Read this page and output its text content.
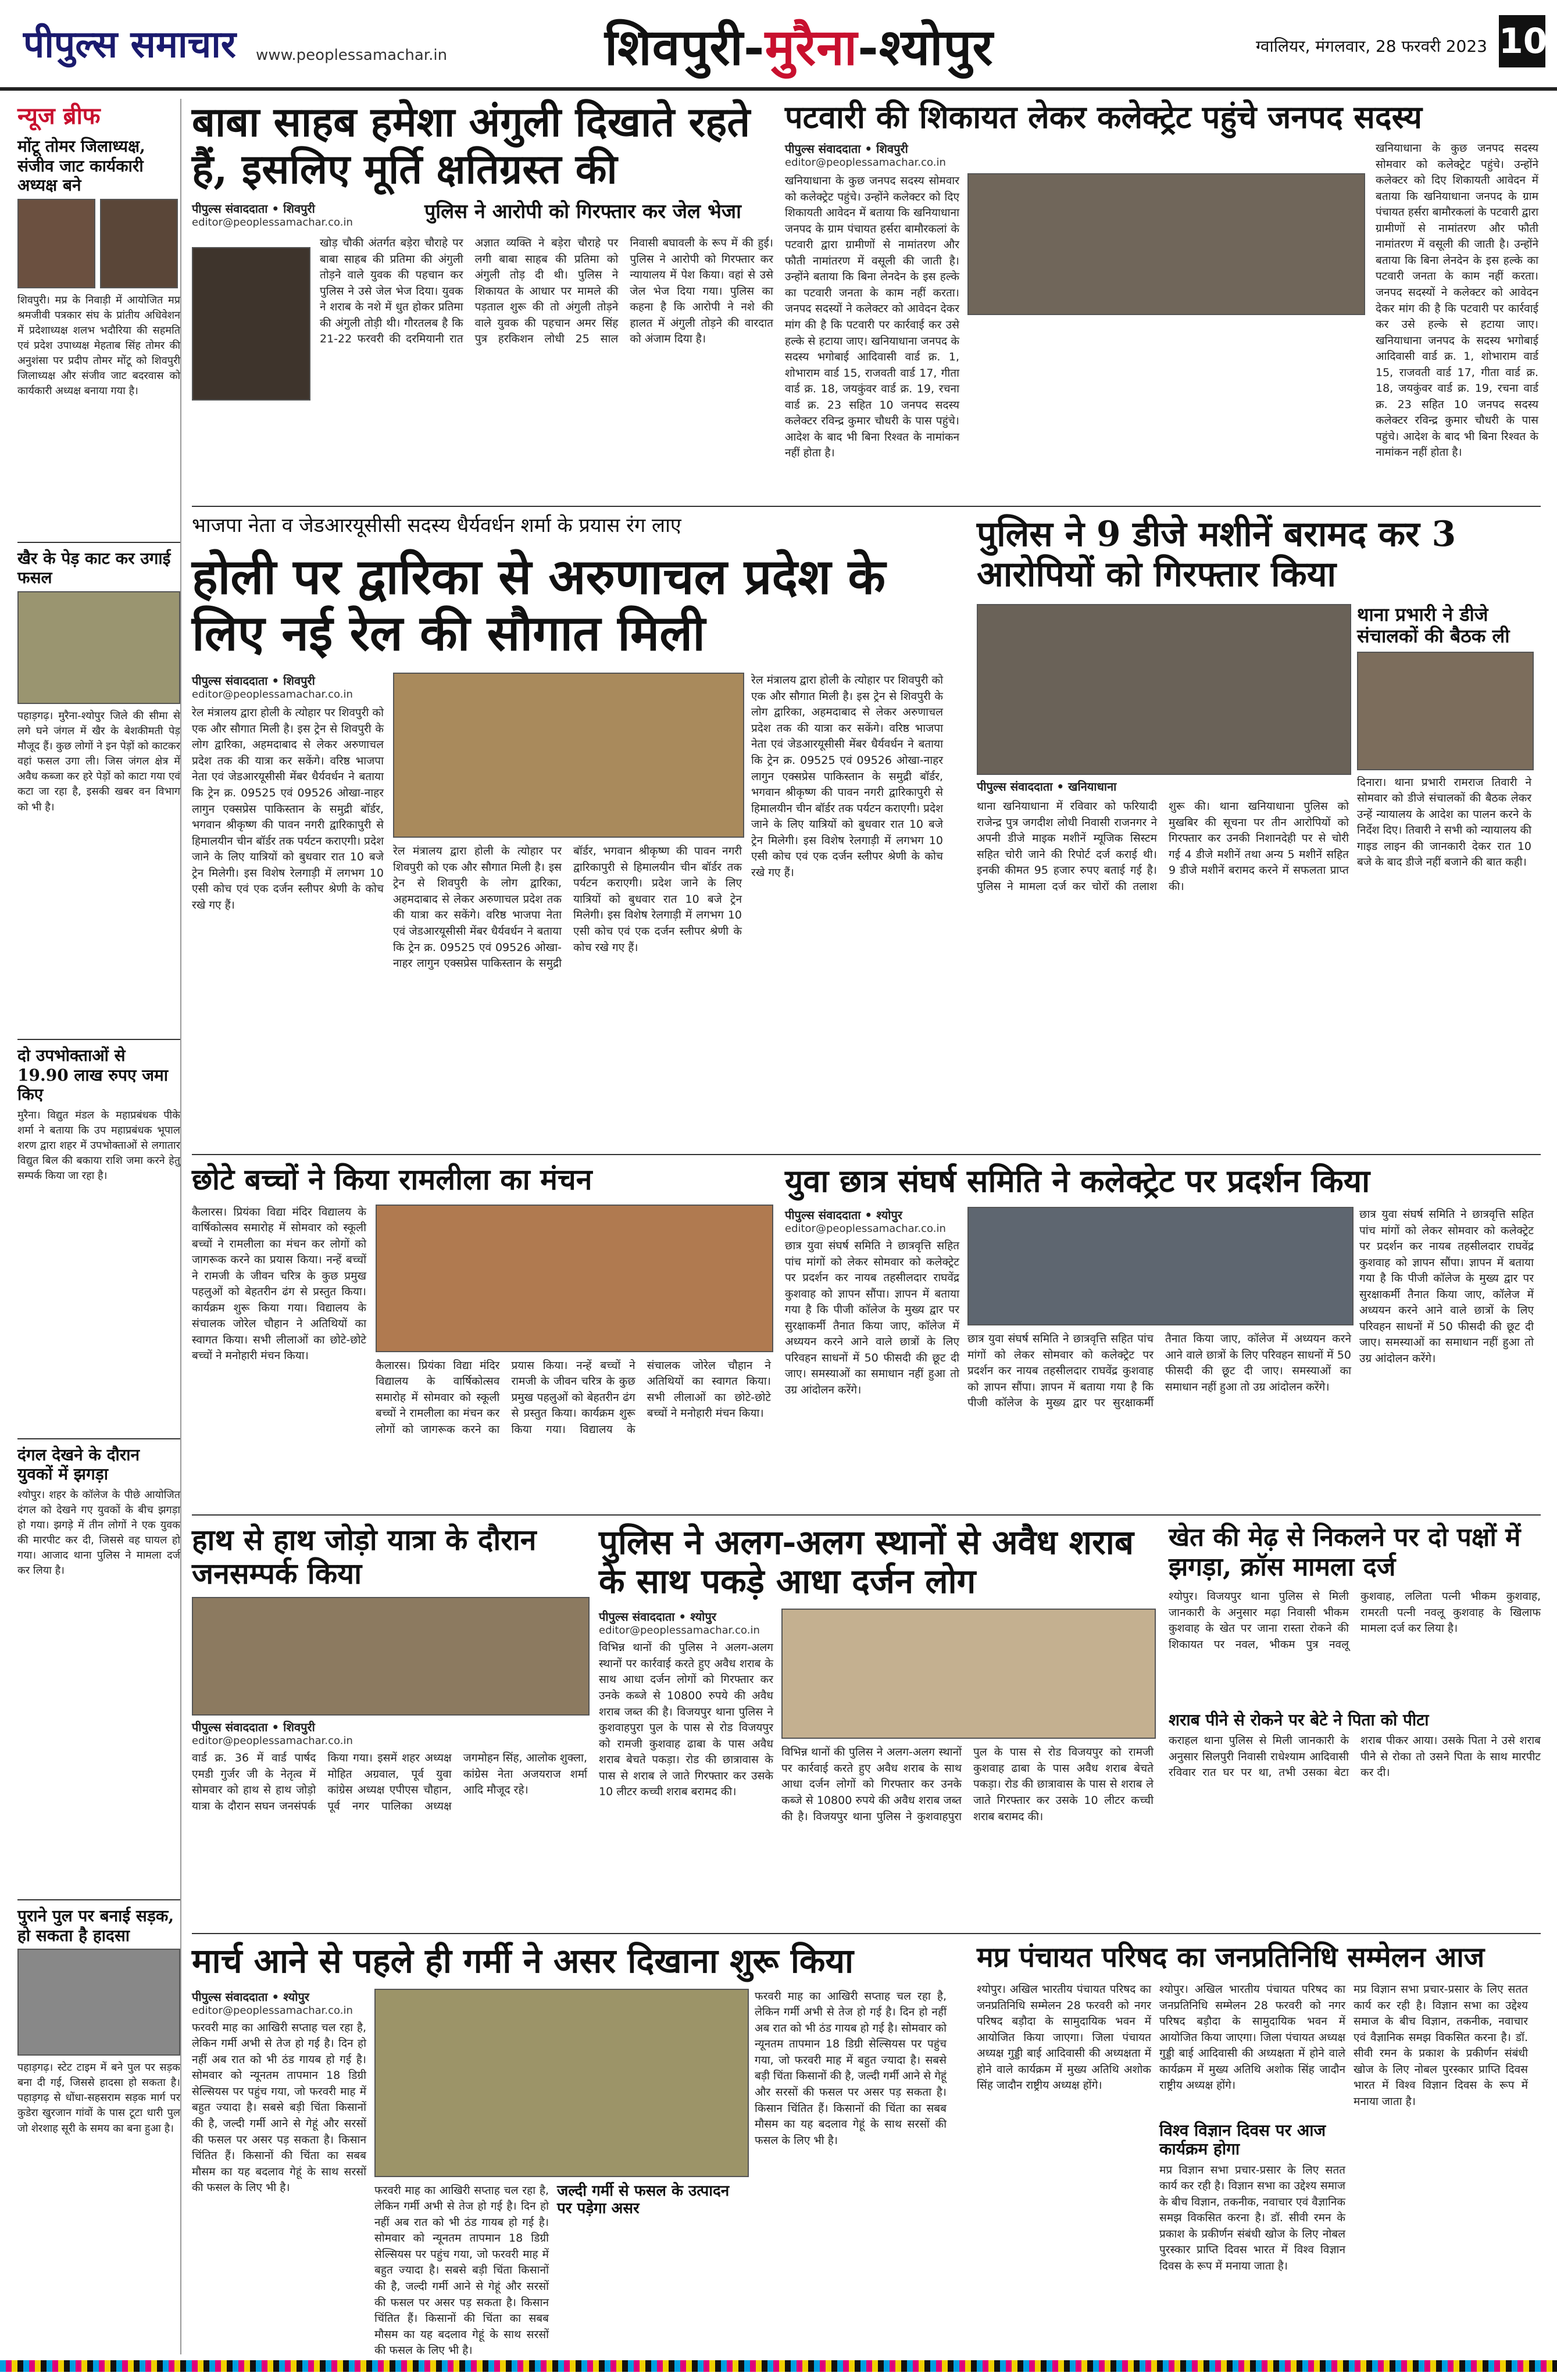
पीपुल्स समाचार www.peoplessamachar.in	शिवपुरी-मुरैना-श्योपुर	ग्वालियर, मंगलवार, 28 फरवरी 2023 10
न्यूज ब्रीफ
मोंटू तोमर जिलाध्यक्ष, संजीव जाट कार्यकारी अध्यक्ष बने
शिवपुरी। मप्र के निवाड़ी में आयोजित मप्र श्रमजीवी पत्रकार संघ के प्रांतीय अधिवेशन में प्रदेशाध्यक्ष शलभ भदौरिया की सहमति एवं प्रदेश उपाध्यक्ष मेहताब सिंह तोमर की अनुशंसा पर प्रदीप तोमर मोंटू को शिवपुरी जिलाध्यक्ष और संजीव जाट बदरवास को कार्यकारी अध्यक्ष बनाया गया है।
खैर के पेड़ काट कर उगाई फसल
पहाड़गढ़। मुरैना-श्योपुर जिले की सीमा से लगे घने जंगल में खैर के बेशकीमती पेड़ मौजूद हैं। कुछ लोगों ने इन पेड़ों को काटकर वहां फसल उगा ली। जिस जंगल क्षेत्र में अवैध कब्जा कर हरे पेड़ों को काटा गया एवं कटा जा रहा है, इसकी खबर वन विभाग को भी है।
दो उपभोक्ताओं से 19.90 लाख रुपए जमा किए
मुरैना। विद्युत मंडल के महाप्रबंधक पीके शर्मा ने बताया कि उप महाप्रबंधक भूपाल शरण द्वारा शहर में उपभोक्ताओं से लगातार विद्युत बिल की बकाया राशि जमा करने हेतु सम्पर्क किया जा रहा है।
दंगल देखने के दौरान युवकों में झगड़ा
श्योपुर। शहर के कॉलेज के पीछे आयोजित दंगल को देखने गए युवकों के बीच झगड़ा हो गया। झगड़े में तीन लोगों ने एक युवक की मारपीट कर दी, जिससे वह घायल हो गया। आजाद थाना पुलिस ने मामला दर्ज कर लिया है।
पुराने पुल पर बनाई सड़क, हो सकता है हादसा
पहाड़गढ़। स्टेट टाइम में बने पुल पर सड़क बना दी गई, जिससे हादसा हो सकता है। पहाड़गढ़ से धोंधा-सहसराम सड़क मार्ग पर कुडेरा खुरजान गांवों के पास टूटा धारी पुल जो शेरशाह सूरी के समय का बना हुआ है।
बाबा साहब हमेशा अंगुली दिखाते रहते हैं, इसलिए मूर्ति क्षतिग्रस्त की
पीपुल्स संवाददाता • शिवपुरी
editor@peoplessamachar.co.in	पुलिस ने आरोपी को गिरफ्तार कर जेल भेजा
खोड़ चौकी अंतर्गत बड़ेरा चौराहे पर बाबा साहब की प्रतिमा की अंगुली तोड़ने वाले युवक की पहचान कर पुलिस ने उसे जेल भेज दिया। युवक ने शराब के नशे में धुत होकर प्रतिमा की अंगुली तोड़ी थी। गौरतलब है कि 21-22 फरवरी की दरमियानी रात अज्ञात व्यक्ति ने बड़ेरा चौराहे पर लगी बाबा साहब की प्रतिमा को अंगुली तोड़ दी थी। पुलिस ने शिकायत के आधार पर मामले की पड़ताल शुरू की तो अंगुली तोड़ने वाले युवक की पहचान अमर सिंह पुत्र हरकिशन लोधी 25 साल निवासी बघावली के रूप में की हुई। पुलिस ने आरोपी को गिरफ्तार कर न्यायालय में पेश किया। वहां से उसे जेल भेज दिया गया। पुलिस का कहना है कि आरोपी ने नशे की हालत में अंगुली तोड़ने की वारदात को अंजाम दिया है।
पटवारी की शिकायत लेकर कलेक्ट्रेट पहुंचे जनपद सदस्य
पीपुल्स संवाददाता • शिवपुरी
editor@peoplessamachar.co.in
खनियाधाना के कुछ जनपद सदस्य सोमवार को कलेक्ट्रेट पहुंचे। उन्होंने कलेक्टर को दिए शिकायती आवेदन में बताया कि खनियाधाना जनपद के ग्राम पंचायत हर्सरा बामौरकलां के पटवारी द्वारा ग्रामीणों से नामांतरण और फौती नामांतरण में वसूली की जाती है। उन्होंने बताया कि बिना लेनदेन के इस हल्के का पटवारी जनता के काम नहीं करता। जनपद सदस्यों ने कलेक्टर को आवेदन देकर मांग की है कि पटवारी पर कार्रवाई कर उसे हल्के से हटाया जाए। खनियाधाना जनपद के सदस्य भगोबाई आदिवासी वार्ड क्र. 1, शोभाराम वार्ड 15, राजवती वार्ड 17, गीता वार्ड क्र. 18, जयकुंवर वार्ड क्र. 19, रचना वार्ड क्र. 23 सहित 10 जनपद सदस्य कलेक्टर रविन्द्र कुमार चौधरी के पास पहुंचे। आदेश के बाद भी बिना रिश्वत के नामांकन नहीं होता है।
खनियाधाना के कुछ जनपद सदस्य सोमवार को कलेक्ट्रेट पहुंचे। उन्होंने कलेक्टर को दिए शिकायती आवेदन में बताया कि खनियाधाना जनपद के ग्राम पंचायत हर्सरा बामौरकलां के पटवारी द्वारा ग्रामीणों से नामांतरण और फौती नामांतरण में वसूली की जाती है। उन्होंने बताया कि बिना लेनदेन के इस हल्के का पटवारी जनता के काम नहीं करता। जनपद सदस्यों ने कलेक्टर को आवेदन देकर मांग की है कि पटवारी पर कार्रवाई कर उसे हल्के से हटाया जाए। खनियाधाना जनपद के सदस्य भगोबाई आदिवासी वार्ड क्र. 1, शोभाराम वार्ड 15, राजवती वार्ड 17, गीता वार्ड क्र. 18, जयकुंवर वार्ड क्र. 19, रचना वार्ड क्र. 23 सहित 10 जनपद सदस्य कलेक्टर रविन्द्र कुमार चौधरी के पास पहुंचे। आदेश के बाद भी बिना रिश्वत के नामांकन नहीं होता है।
भाजपा नेता व जेडआरयूसीसी सदस्य धैर्यवर्धन शर्मा के प्रयास रंग लाए
होली पर द्वारिका से अरुणाचल प्रदेश के लिए नई रेल की सौगात मिली
पीपुल्स संवाददाता • शिवपुरी
editor@peoplessamachar.co.in
रेल मंत्रालय द्वारा होली के त्योहार पर शिवपुरी को एक और सौगात मिली है। इस ट्रेन से शिवपुरी के लोग द्वारिका, अहमदाबाद से लेकर अरुणाचल प्रदेश तक की यात्रा कर सकेंगे। वरिष्ठ भाजपा नेता एवं जेडआरयूसीसी मेंबर धैर्यवर्धन ने बताया कि ट्रेन क्र. 09525 एवं 09526 ओखा-नाहर लागुन एक्सप्रेस पाकिस्तान के समुद्री बॉर्डर, भगवान श्रीकृष्ण की पावन नगरी द्वारिकापुरी से हिमालयीन चीन बॉर्डर तक पर्यटन कराएगी। प्रदेश जाने के लिए यात्रियों को बुधवार रात 10 बजे ट्रेन मिलेगी। इस विशेष रेलगाड़ी में लगभग 10 एसी कोच एवं एक दर्जन स्लीपर श्रेणी के कोच रखे गए हैं।
रेल मंत्रालय द्वारा होली के त्योहार पर शिवपुरी को एक और सौगात मिली है। इस ट्रेन से शिवपुरी के लोग द्वारिका, अहमदाबाद से लेकर अरुणाचल प्रदेश तक की यात्रा कर सकेंगे। वरिष्ठ भाजपा नेता एवं जेडआरयूसीसी मेंबर धैर्यवर्धन ने बताया कि ट्रेन क्र. 09525 एवं 09526 ओखा-नाहर लागुन एक्सप्रेस पाकिस्तान के समुद्री बॉर्डर, भगवान श्रीकृष्ण की पावन नगरी द्वारिकापुरी से हिमालयीन चीन बॉर्डर तक पर्यटन कराएगी। प्रदेश जाने के लिए यात्रियों को बुधवार रात 10 बजे ट्रेन मिलेगी। इस विशेष रेलगाड़ी में लगभग 10 एसी कोच एवं एक दर्जन स्लीपर श्रेणी के कोच रखे गए हैं।
रेल मंत्रालय द्वारा होली के त्योहार पर शिवपुरी को एक और सौगात मिली है। इस ट्रेन से शिवपुरी के लोग द्वारिका, अहमदाबाद से लेकर अरुणाचल प्रदेश तक की यात्रा कर सकेंगे। वरिष्ठ भाजपा नेता एवं जेडआरयूसीसी मेंबर धैर्यवर्धन ने बताया कि ट्रेन क्र. 09525 एवं 09526 ओखा-नाहर लागुन एक्सप्रेस पाकिस्तान के समुद्री बॉर्डर, भगवान श्रीकृष्ण की पावन नगरी द्वारिकापुरी से हिमालयीन चीन बॉर्डर तक पर्यटन कराएगी। प्रदेश जाने के लिए यात्रियों को बुधवार रात 10 बजे ट्रेन मिलेगी। इस विशेष रेलगाड़ी में लगभग 10 एसी कोच एवं एक दर्जन स्लीपर श्रेणी के कोच रखे गए हैं।
पुलिस ने 9 डीजे मशीनें बरामद कर 3 आरोपियों को गिरफ्तार किया
पीपुल्स संवाददाता • खनियाधाना
थाना खनियाधाना में रविवार को फरियादी राजेन्द्र पुत्र जगदीश लोधी निवासी राजनगर ने अपनी डीजे माइक मशीनें म्यूजिक सिस्टम सहित चोरी जाने की रिपोर्ट दर्ज कराई थी। इनकी कीमत 95 हजार रुपए बताई गई है। पुलिस ने मामला दर्ज कर चोरों की तलाश शुरू की। थाना खनियाधाना पुलिस को मुखबिर की सूचना पर तीन आरोपियों को गिरफ्तार कर उनकी निशानदेही पर से चोरी गई 4 डीजे मशीनें तथा अन्य 5 मशीनें सहित 9 डीजे मशीनें बरामद करने में सफलता प्राप्त की।
थाना प्रभारी ने डीजे संचालकों की बैठक ली
दिनारा। थाना प्रभारी रामराज तिवारी ने सोमवार को डीजे संचालकों की बैठक लेकर उन्हें न्यायालय के आदेश का पालन करने के निर्देश दिए। तिवारी ने सभी को न्यायालय की गाइड लाइन की जानकारी देकर रात 10 बजे के बाद डीजे नहीं बजाने की बात कही।
छोटे बच्चों ने किया रामलीला का मंचन
कैलारस। प्रियंका विद्या मंदिर विद्यालय के वार्षिकोत्सव समारोह में सोमवार को स्कूली बच्चों ने रामलीला का मंचन कर लोगों को जागरूक करने का प्रयास किया। नन्हें बच्चों ने रामजी के जीवन चरित्र के कुछ प्रमुख पहलुओं को बेहतरीन ढंग से प्रस्तुत किया। कार्यक्रम शुरू किया गया। विद्यालय के संचालक जोरेल चौहान ने अतिथियों का स्वागत किया। सभी लीलाओं का छोटे-छोटे बच्चों ने मनोहारी मंचन किया।
कैलारस। प्रियंका विद्या मंदिर विद्यालय के वार्षिकोत्सव समारोह में सोमवार को स्कूली बच्चों ने रामलीला का मंचन कर लोगों को जागरूक करने का प्रयास किया। नन्हें बच्चों ने रामजी के जीवन चरित्र के कुछ प्रमुख पहलुओं को बेहतरीन ढंग से प्रस्तुत किया। कार्यक्रम शुरू किया गया। विद्यालय के संचालक जोरेल चौहान ने अतिथियों का स्वागत किया। सभी लीलाओं का छोटे-छोटे बच्चों ने मनोहारी मंचन किया।
युवा छात्र संघर्ष समिति ने कलेक्ट्रेट पर प्रदर्शन किया
पीपुल्स संवाददाता • श्योपुर
editor@peoplessamachar.co.in
छात्र युवा संघर्ष समिति ने छात्रवृत्ति सहित पांच मांगों को लेकर सोमवार को कलेक्ट्रेट पर प्रदर्शन कर नायब तहसीलदार राघवेंद्र कुशवाह को ज्ञापन सौंपा। ज्ञापन में बताया गया है कि पीजी कॉलेज के मुख्य द्वार पर सुरक्षाकर्मी तैनात किया जाए, कॉलेज में अध्ययन करने आने वाले छात्रों के लिए परिवहन साधनों में 50 फीसदी की छूट दी जाए। समस्याओं का समाधान नहीं हुआ तो उग्र आंदोलन करेंगे।
छात्र युवा संघर्ष समिति ने छात्रवृत्ति सहित पांच मांगों को लेकर सोमवार को कलेक्ट्रेट पर प्रदर्शन कर नायब तहसीलदार राघवेंद्र कुशवाह को ज्ञापन सौंपा। ज्ञापन में बताया गया है कि पीजी कॉलेज के मुख्य द्वार पर सुरक्षाकर्मी तैनात किया जाए, कॉलेज में अध्ययन करने आने वाले छात्रों के लिए परिवहन साधनों में 50 फीसदी की छूट दी जाए। समस्याओं का समाधान नहीं हुआ तो उग्र आंदोलन करेंगे।
छात्र युवा संघर्ष समिति ने छात्रवृत्ति सहित पांच मांगों को लेकर सोमवार को कलेक्ट्रेट पर प्रदर्शन कर नायब तहसीलदार राघवेंद्र कुशवाह को ज्ञापन सौंपा। ज्ञापन में बताया गया है कि पीजी कॉलेज के मुख्य द्वार पर सुरक्षाकर्मी तैनात किया जाए, कॉलेज में अध्ययन करने आने वाले छात्रों के लिए परिवहन साधनों में 50 फीसदी की छूट दी जाए। समस्याओं का समाधान नहीं हुआ तो उग्र आंदोलन करेंगे।
हाथ से हाथ जोड़ो यात्रा के दौरान जनसम्पर्क किया
पीपुल्स संवाददाता • शिवपुरी
editor@peoplessamachar.co.in
वार्ड क्र. 36 में वार्ड पार्षद एमडी गुर्जर जी के नेतृत्व में सोमवार को हाथ से हाथ जोड़ो यात्रा के दौरान सघन जनसंपर्क किया गया। इसमें शहर अध्यक्ष मोहित अग्रवाल, पूर्व युवा कांग्रेस अध्यक्ष एपीएस चौहान, पूर्व नगर पालिका अध्यक्ष जगमोहन सिंह, आलोक शुक्ला, कांग्रेस नेता अजयराज शर्मा आदि मौजूद रहे।
पुलिस ने अलग-अलग स्थानों से अवैध शराब के साथ पकड़े आधा दर्जन लोग
पीपुल्स संवाददाता • श्योपुर
editor@peoplessamachar.co.in
विभिन्न थानों की पुलिस ने अलग-अलग स्थानों पर कार्रवाई करते हुए अवैध शराब के साथ आधा दर्जन लोगों को गिरफ्तार कर उनके कब्जे से 10800 रुपये की अवैध शराब जब्त की है। विजयपुर थाना पुलिस ने कुशवाहपुरा पुल के पास से रोड विजयपुर को रामजी कुशवाह ढाबा के पास अवैध शराब बेचते पकड़ा। रोड की छात्रावास के पास से शराब ले जाते गिरफ्तार कर उसके 10 लीटर कच्ची शराब बरामद की।
विभिन्न थानों की पुलिस ने अलग-अलग स्थानों पर कार्रवाई करते हुए अवैध शराब के साथ आधा दर्जन लोगों को गिरफ्तार कर उनके कब्जे से 10800 रुपये की अवैध शराब जब्त की है। विजयपुर थाना पुलिस ने कुशवाहपुरा पुल के पास से रोड विजयपुर को रामजी कुशवाह ढाबा के पास अवैध शराब बेचते पकड़ा। रोड की छात्रावास के पास से शराब ले जाते गिरफ्तार कर उसके 10 लीटर कच्ची शराब बरामद की।
खेत की मेढ़ से निकलने पर दो पक्षों में झगड़ा, क्रॉस मामला दर्ज
श्योपुर। विजयपुर थाना पुलिस से मिली जानकारी के अनुसार मढ़ा निवासी भीकम कुशवाह के खेत पर जाना रास्ता रोकने की शिकायत पर नवल, भीकम पुत्र नवलू कुशवाह, ललिता पत्नी भीकम कुशवाह, रामरती पत्नी नवलू कुशवाह के खिलाफ मामला दर्ज कर लिया है।
शराब पीने से रोकने पर बेटे ने पिता को पीटा
कराहल थाना पुलिस से मिली जानकारी के अनुसार सिलपुरी निवासी राधेश्याम आदिवासी रविवार रात घर पर था, तभी उसका बेटा शराब पीकर आया। उसके पिता ने उसे शराब पीने से रोका तो उसने पिता के साथ मारपीट कर दी।
मार्च आने से पहले ही गर्मी ने असर दिखाना शुरू किया
पीपुल्स संवाददाता • श्योपुर
editor@peoplessamachar.co.in
फरवरी माह का आखिरी सप्ताह चल रहा है, लेकिन गर्मी अभी से तेज हो गई है। दिन हो नहीं अब रात को भी ठंड गायब हो गई है। सोमवार को न्यूनतम तापमान 18 डिग्री सेल्सियस पर पहुंच गया, जो फरवरी माह में बहुत ज्यादा है। सबसे बड़ी चिंता किसानों की है, जल्दी गर्मी आने से गेहूं और सरसों की फसल पर असर पड़ सकता है। किसान चिंतित हैं। किसानों की चिंता का सबब मौसम का यह बदलाव गेहूं के साथ सरसों की फसल के लिए भी है।	फरवरी माह का आखिरी सप्ताह चल रहा है, लेकिन गर्मी अभी से तेज हो गई है। दिन हो नहीं अब रात को भी ठंड गायब हो गई है। सोमवार को न्यूनतम तापमान 18 डिग्री सेल्सियस पर पहुंच गया, जो फरवरी माह में बहुत ज्यादा है। सबसे बड़ी चिंता किसानों की है, जल्दी गर्मी आने से गेहूं और सरसों की फसल पर असर पड़ सकता है। किसान चिंतित हैं। किसानों की चिंता का सबब मौसम का यह बदलाव गेहूं के साथ सरसों की फसल के लिए भी है।
जल्दी गर्मी से फसल के उत्पादन पर पड़ेगा असर
फरवरी माह का आखिरी सप्ताह चल रहा है, लेकिन गर्मी अभी से तेज हो गई है। दिन हो नहीं अब रात को भी ठंड गायब हो गई है। सोमवार को न्यूनतम तापमान 18 डिग्री सेल्सियस पर पहुंच गया, जो फरवरी माह में बहुत ज्यादा है। सबसे बड़ी चिंता किसानों की है, जल्दी गर्मी आने से गेहूं और सरसों की फसल पर असर पड़ सकता है। किसान चिंतित हैं। किसानों की चिंता का सबब मौसम का यह बदलाव गेहूं के साथ सरसों की फसल के लिए भी है।
मप्र पंचायत परिषद का जनप्रतिनिधि सम्मेलन आज
श्योपुर। अखिल भारतीय पंचायत परिषद का जनप्रतिनिधि सम्मेलन 28 फरवरी को नगर परिषद बड़ौदा के सामुदायिक भवन में आयोजित किया जाएगा। जिला पंचायत अध्यक्ष गुड्डी बाई आदिवासी की अध्यक्षता में होने वाले कार्यक्रम में मुख्य अतिथि अशोक सिंह जादौन राष्ट्रीय अध्यक्ष होंगे।
श्योपुर। अखिल भारतीय पंचायत परिषद का जनप्रतिनिधि सम्मेलन 28 फरवरी को नगर परिषद बड़ौदा के सामुदायिक भवन में आयोजित किया जाएगा। जिला पंचायत अध्यक्ष गुड्डी बाई आदिवासी की अध्यक्षता में होने वाले कार्यक्रम में मुख्य अतिथि अशोक सिंह जादौन राष्ट्रीय अध्यक्ष होंगे।
विश्व विज्ञान दिवस पर आज कार्यक्रम होगा
मप्र विज्ञान सभा प्रचार-प्रसार के लिए सतत कार्य कर रही है। विज्ञान सभा का उद्देश्य समाज के बीच विज्ञान, तकनीक, नवाचार एवं वैज्ञानिक समझ विकसित करना है। डॉ. सीवी रमन के प्रकाश के प्रकीर्णन संबंधी खोज के लिए नोबल पुरस्कार प्राप्ति दिवस भारत में विश्व विज्ञान दिवस के रूप में मनाया जाता है।
मप्र विज्ञान सभा प्रचार-प्रसार के लिए सतत कार्य कर रही है। विज्ञान सभा का उद्देश्य समाज के बीच विज्ञान, तकनीक, नवाचार एवं वैज्ञानिक समझ विकसित करना है। डॉ. सीवी रमन के प्रकाश के प्रकीर्णन संबंधी खोज के लिए नोबल पुरस्कार प्राप्ति दिवस भारत में विश्व विज्ञान दिवस के रूप में मनाया जाता है।
